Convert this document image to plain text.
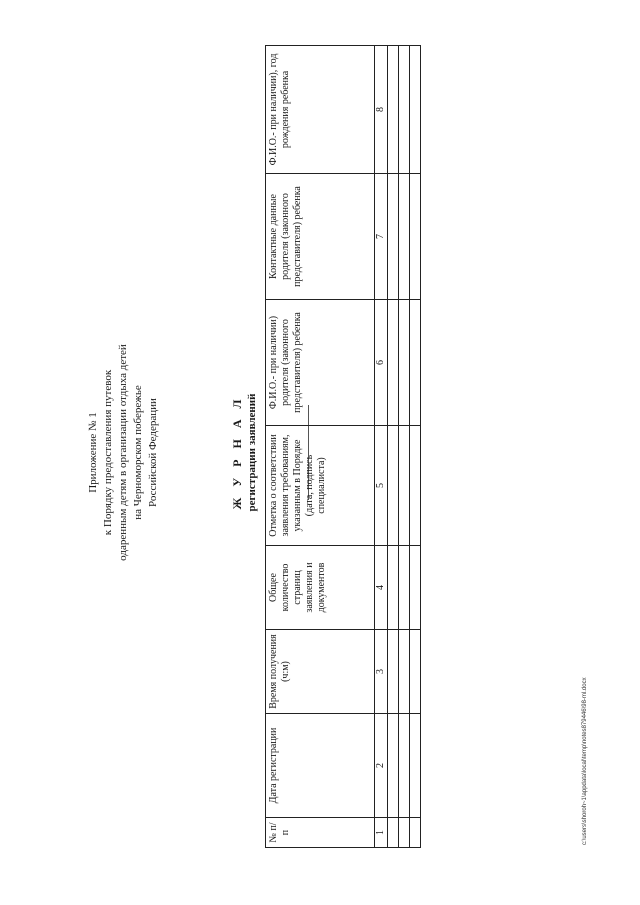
Приложение № 1 к Порядку предоставления путевок одаренным детям в организации отдыха детей на Черноморском побережье Российской Федерации	Ж У Р Н А Л регистрации заявлений
№ п/п	Дата регистрации	Время получения (ч:м)	Общее количество страниц заявления и документов	Отметка о соответствии заявления требованиям, указанным в Порядке (дата, подпись специалиста)	Ф.И.О.- при наличии) родителя (законного представителя) ребенка	Контактные данные родителя (законного представителя) ребенка	Ф.И.О.- при наличии), год рождения ребенка
1	2	3	4	5	6	7	8

c:\users\shoroh~1\appdata\local\temp\notes879446\98-ml.docx
